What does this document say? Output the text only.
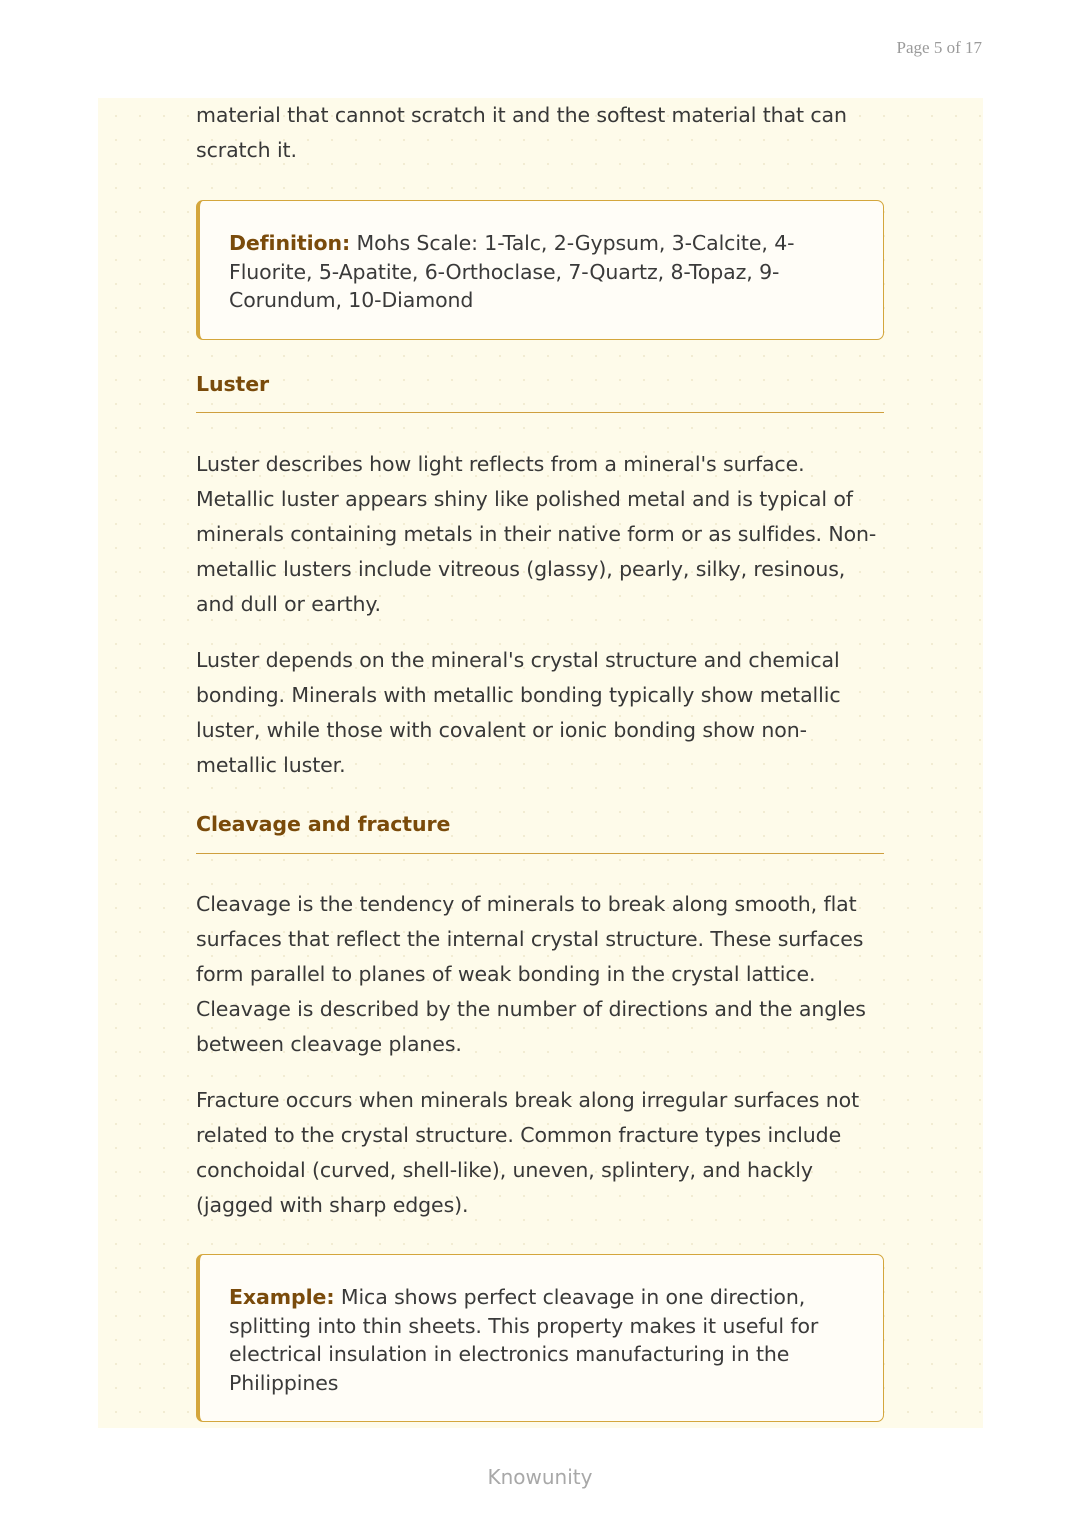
Page 5 of 17

material that cannot scratch it and the softest material that can scratch it.

Definition: Mohs Scale: 1-Talc, 2-Gypsum, 3-Calcite, 4-Fluorite, 5-Apatite, 6-Orthoclase, 7-Quartz, 8-Topaz, 9-Corundum, 10-Diamond

Luster

Luster describes how light reflects from a mineral's surface. Metallic luster appears shiny like polished metal and is typical of minerals containing metals in their native form or as sulfides. Non-metallic lusters include vitreous (glassy), pearly, silky, resinous, and dull or earthy.

Luster depends on the mineral's crystal structure and chemical bonding. Minerals with metallic bonding typically show metallic luster, while those with covalent or ionic bonding show non-metallic luster.

Cleavage and fracture

Cleavage is the tendency of minerals to break along smooth, flat surfaces that reflect the internal crystal structure. These surfaces form parallel to planes of weak bonding in the crystal lattice. Cleavage is described by the number of directions and the angles between cleavage planes.

Fracture occurs when minerals break along irregular surfaces not related to the crystal structure. Common fracture types include conchoidal (curved, shell-like), uneven, splintery, and hackly (jagged with sharp edges).

Example: Mica shows perfect cleavage in one direction, splitting into thin sheets. This property makes it useful for electrical insulation in electronics manufacturing in the Philippines

Knowunity
